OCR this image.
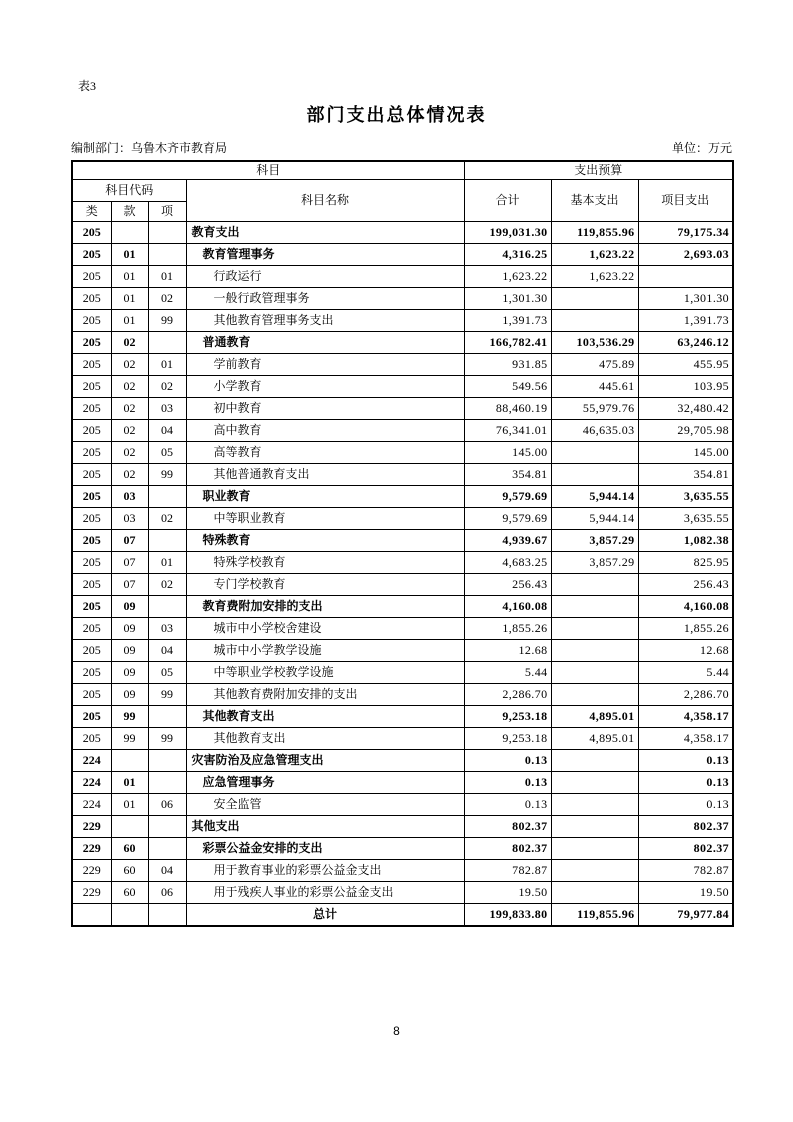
表3
部门支出总体情况表
编制部门：乌鲁木齐市教育局	单位：万元
科目				支出预算		
科目代码			科目名称	合计	基本支出	项目支出
类	款	项				
205			教育支出	199,031.30	119,855.96	79,175.34
205	01		教育管理事务	4,316.25	1,623.22	2,693.03
205	01	01	行政运行	1,623.22	1,623.22	
205	01	02	一般行政管理事务	1,301.30		1,301.30
205	01	99	其他教育管理事务支出	1,391.73		1,391.73
205	02		普通教育	166,782.41	103,536.29	63,246.12
205	02	01	学前教育	931.85	475.89	455.95
205	02	02	小学教育	549.56	445.61	103.95
205	02	03	初中教育	88,460.19	55,979.76	32,480.42
205	02	04	高中教育	76,341.01	46,635.03	29,705.98
205	02	05	高等教育	145.00		145.00
205	02	99	其他普通教育支出	354.81		354.81
205	03		职业教育	9,579.69	5,944.14	3,635.55
205	03	02	中等职业教育	9,579.69	5,944.14	3,635.55
205	07		特殊教育	4,939.67	3,857.29	1,082.38
205	07	01	特殊学校教育	4,683.25	3,857.29	825.95
205	07	02	专门学校教育	256.43		256.43
205	09		教育费附加安排的支出	4,160.08		4,160.08
205	09	03	城市中小学校舍建设	1,855.26		1,855.26
205	09	04	城市中小学教学设施	12.68		12.68
205	09	05	中等职业学校教学设施	5.44		5.44
205	09	99	其他教育费附加安排的支出	2,286.70		2,286.70
205	99		其他教育支出	9,253.18	4,895.01	4,358.17
205	99	99	其他教育支出	9,253.18	4,895.01	4,358.17
224			灾害防治及应急管理支出	0.13		0.13
224	01		应急管理事务	0.13		0.13
224	01	06	安全监管	0.13		0.13
229			其他支出	802.37		802.37
229	60		彩票公益金安排的支出	802.37		802.37
229	60	04	用于教育事业的彩票公益金支出	782.87		782.87
229	60	06	用于残疾人事业的彩票公益金支出	19.50		19.50
			总计	199,833.80	119,855.96	79,977.84
8
